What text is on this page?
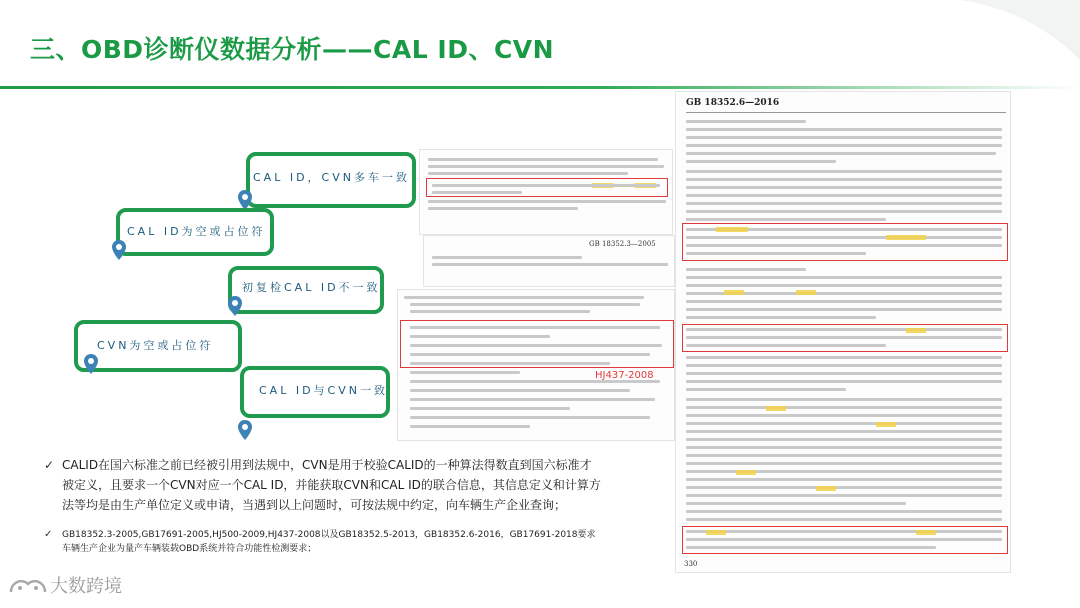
三、OBD诊断仪数据分析——CAL ID、CVN
CAL ID，CVN多车一致
CAL ID为空或占位符
初复检CAL ID不一致
CVN为空或占位符
CAL ID与CVN一致
GB 18352.3—2005
HJ437-2008
GB 18352.6—2016
330
✓ CALID在国六标准之前已经被引用到法规中，CVN是用于校验CALID的一种算法得数直到国六标准才被定义，且要求一个CVN对应一个CAL ID，并能获取CVN和CAL ID的联合信息，其信息定义和计算方法等均是由生产单位定义或申请，当遇到以上问题时，可按法规中约定，向车辆生产企业查询；
✓ GB18352.3-2005,GB17691-2005,HJ500-2009,HJ437-2008以及GB18352.5-2013，GB18352.6-2016，GB17691-2018要求车辆生产企业为量产车辆装载OBD系统并符合功能性检测要求；
大数跨境
